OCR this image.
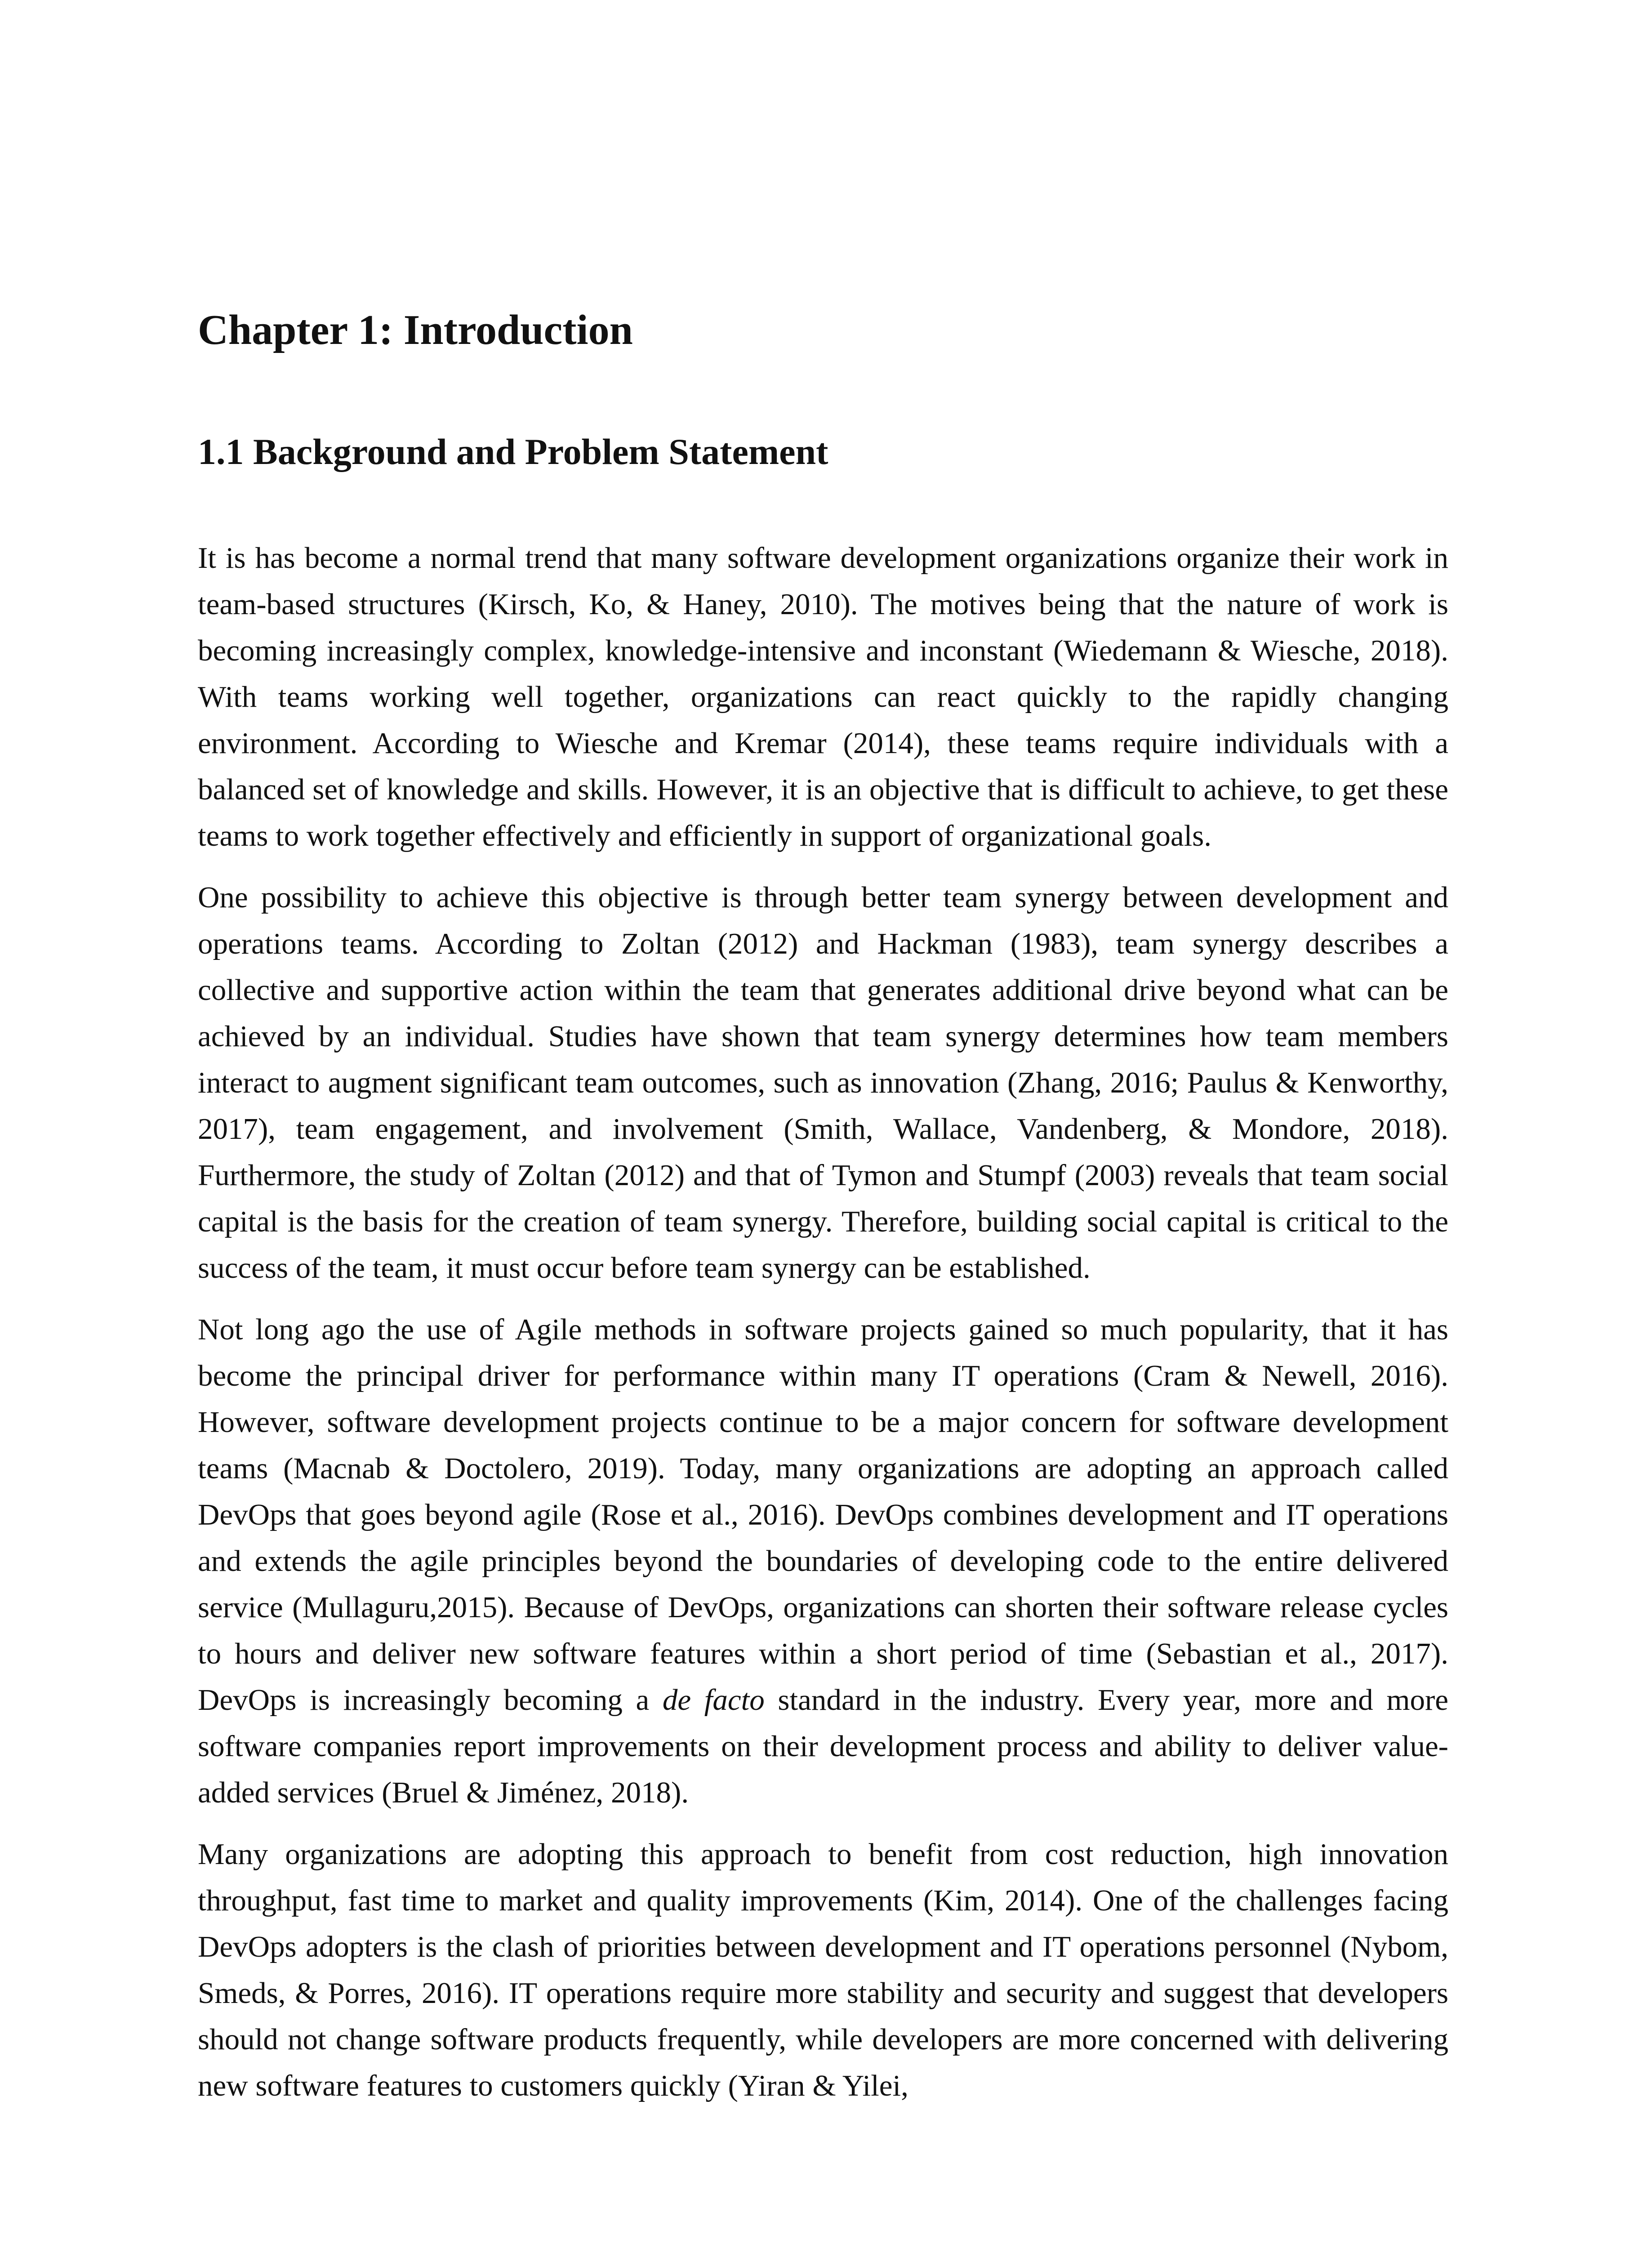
Chapter 1: Introduction
1.1 Background and Problem Statement

It is has become a normal trend that many software development organizations organize their work in team-based structures (Kirsch, Ko, & Haney, 2010). The motives being that the nature of work is becoming increasingly complex, knowledge-intensive and inconstant (Wiedemann & Wiesche, 2018). With teams working well together, organizations can react quickly to the rapidly changing environment. According to Wiesche and Kremar (2014), these teams require individuals with a balanced set of knowledge and skills. However, it is an objective that is difficult to achieve, to get these teams to work together effectively and efficiently in support of organizational goals.

One possibility to achieve this objective is through better team synergy between development and operations teams. According to Zoltan (2012) and Hackman (1983), team synergy describes a collective and supportive action within the team that generates additional drive beyond what can be achieved by an individual. Studies have shown that team synergy determines how team members interact to augment significant team outcomes, such as innovation (Zhang, 2016; Paulus & Kenworthy, 2017), team engagement, and involvement (Smith, Wallace, Vandenberg, & Mondore, 2018). Furthermore, the study of Zoltan (2012) and that of Tymon and Stumpf (2003) reveals that team social capital is the basis for the creation of team synergy. Therefore, building social capital is critical to the success of the team, it must occur before team synergy can be established.

Not long ago the use of Agile methods in software projects gained so much popularity, that it has become the principal driver for performance within many IT operations (Cram & Newell, 2016). However, software development projects continue to be a major concern for software development teams (Macnab & Doctolero, 2019). Today, many organizations are adopting an approach called DevOps that goes beyond agile (Rose et al., 2016). DevOps combines development and IT operations and extends the agile principles beyond the boundaries of developing code to the entire delivered service (Mullaguru,2015). Because of DevOps, organizations can shorten their software release cycles to hours and deliver new software features within a short period of time (Sebastian et al., 2017). DevOps is increasingly becoming a de facto standard in the industry. Every year, more and more software companies report improvements on their development process and ability to deliver value-added services (Bruel & Jiménez, 2018).

Many organizations are adopting this approach to benefit from cost reduction, high innovation throughput, fast time to market and quality improvements (Kim, 2014). One of the challenges facing DevOps adopters is the clash of priorities between development and IT operations personnel (Nybom, Smeds, & Porres, 2016). IT operations require more stability and security and suggest that developers should not change software products frequently, while developers are more concerned with delivering new software features to customers quickly (Yiran & Yilei,
